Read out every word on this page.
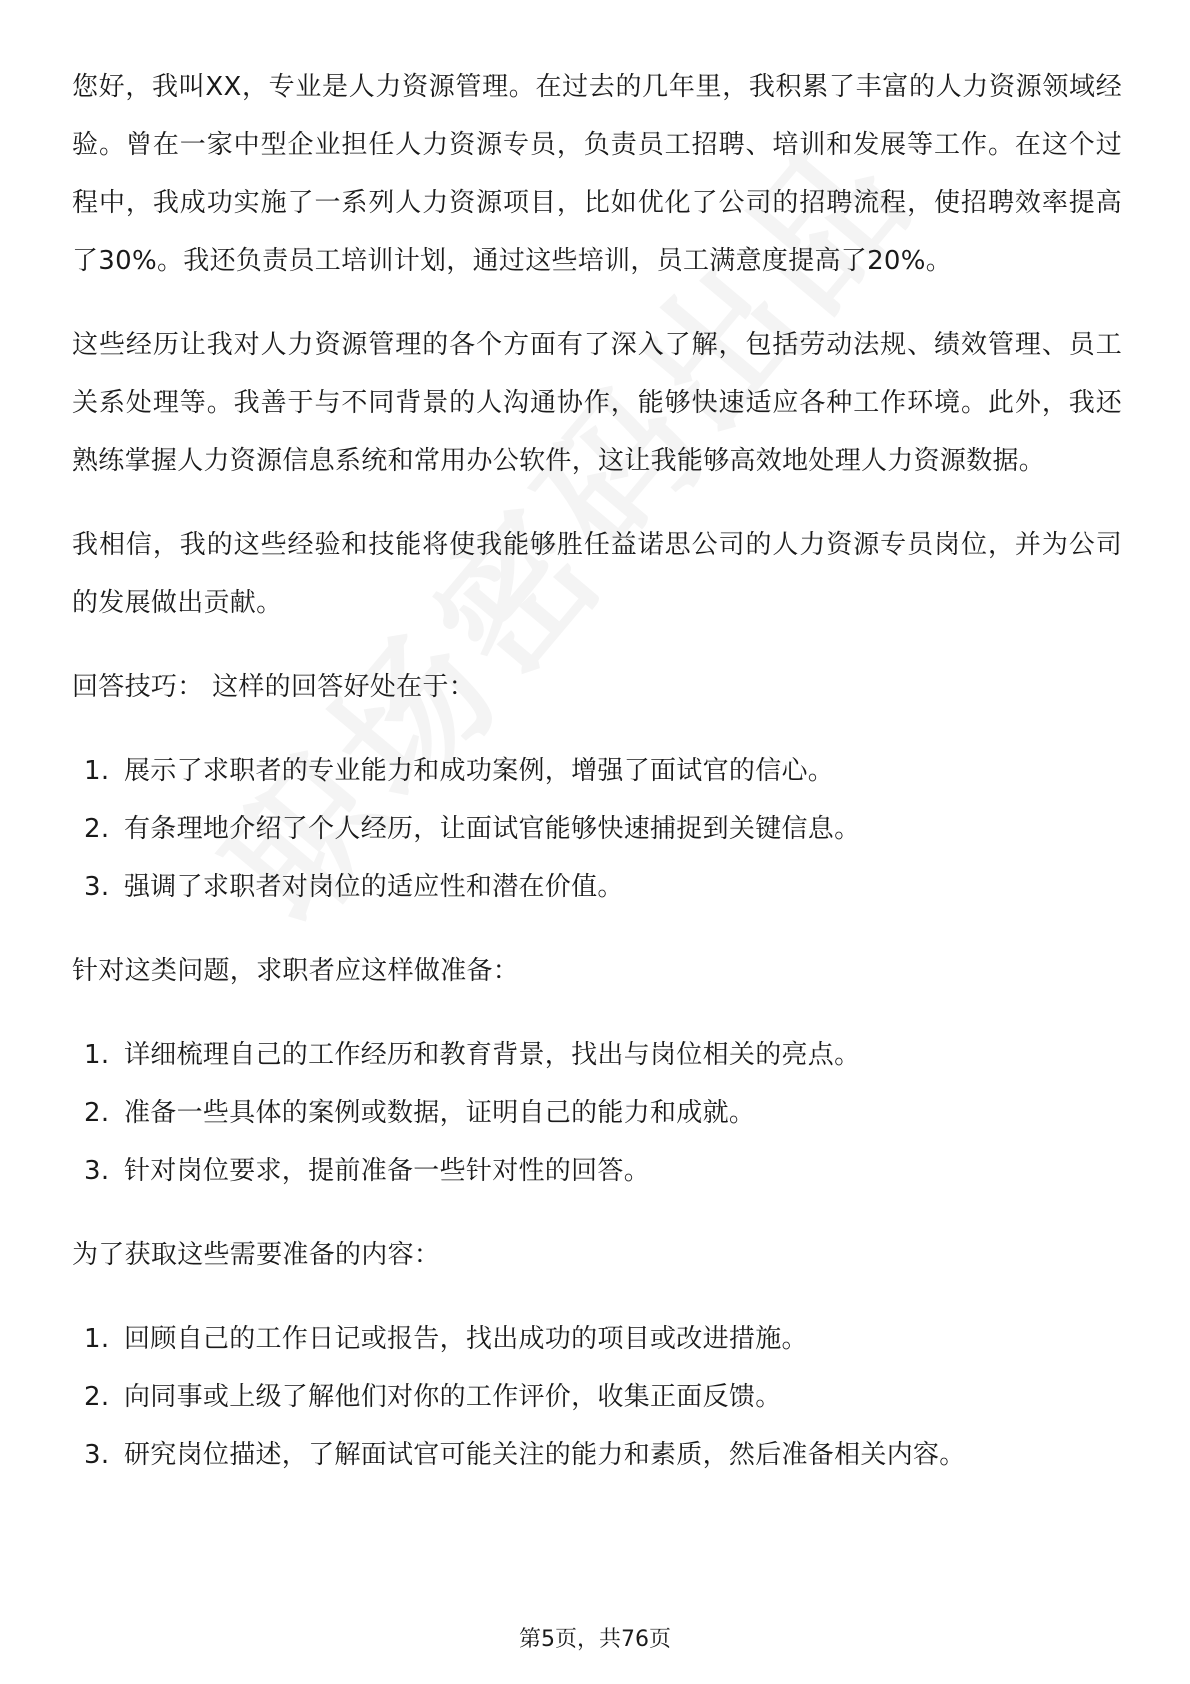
您好，我叫XX，专业是人力资源管理。在过去的几年里，我积累了丰富的人力资源领域经验。曾在一家中型企业担任人力资源专员，负责员工招聘、培训和发展等工作。在这个过程中，我成功实施了一系列人力资源项目，比如优化了公司的招聘流程，使招聘效率提高了30%。我还负责员工培训计划，通过这些培训，员工满意度提高了20%。

这些经历让我对人力资源管理的各个方面有了深入了解，包括劳动法规、绩效管理、员工关系处理等。我善于与不同背景的人沟通协作，能够快速适应各种工作环境。此外，我还熟练掌握人力资源信息系统和常用办公软件，这让我能够高效地处理人力资源数据。

我相信，我的这些经验和技能将使我能够胜任益诺思公司的人力资源专员岗位，并为公司的发展做出贡献。

回答技巧： 这样的回答好处在于：

1. 展示了求职者的专业能力和成功案例，增强了面试官的信心。
2. 有条理地介绍了个人经历，让面试官能够快速捕捉到关键信息。
3. 强调了求职者对岗位的适应性和潜在价值。

针对这类问题，求职者应这样做准备：

1. 详细梳理自己的工作经历和教育背景，找出与岗位相关的亮点。
2. 准备一些具体的案例或数据，证明自己的能力和成就。
3. 针对岗位要求，提前准备一些针对性的回答。

为了获取这些需要准备的内容：

1. 回顾自己的工作日记或报告，找出成功的项目或改进措施。
2. 向同事或上级了解他们对你的工作评价，收集正面反馈。
3. 研究岗位描述，了解面试官可能关注的能力和素质，然后准备相关内容。
第5页，共76页
